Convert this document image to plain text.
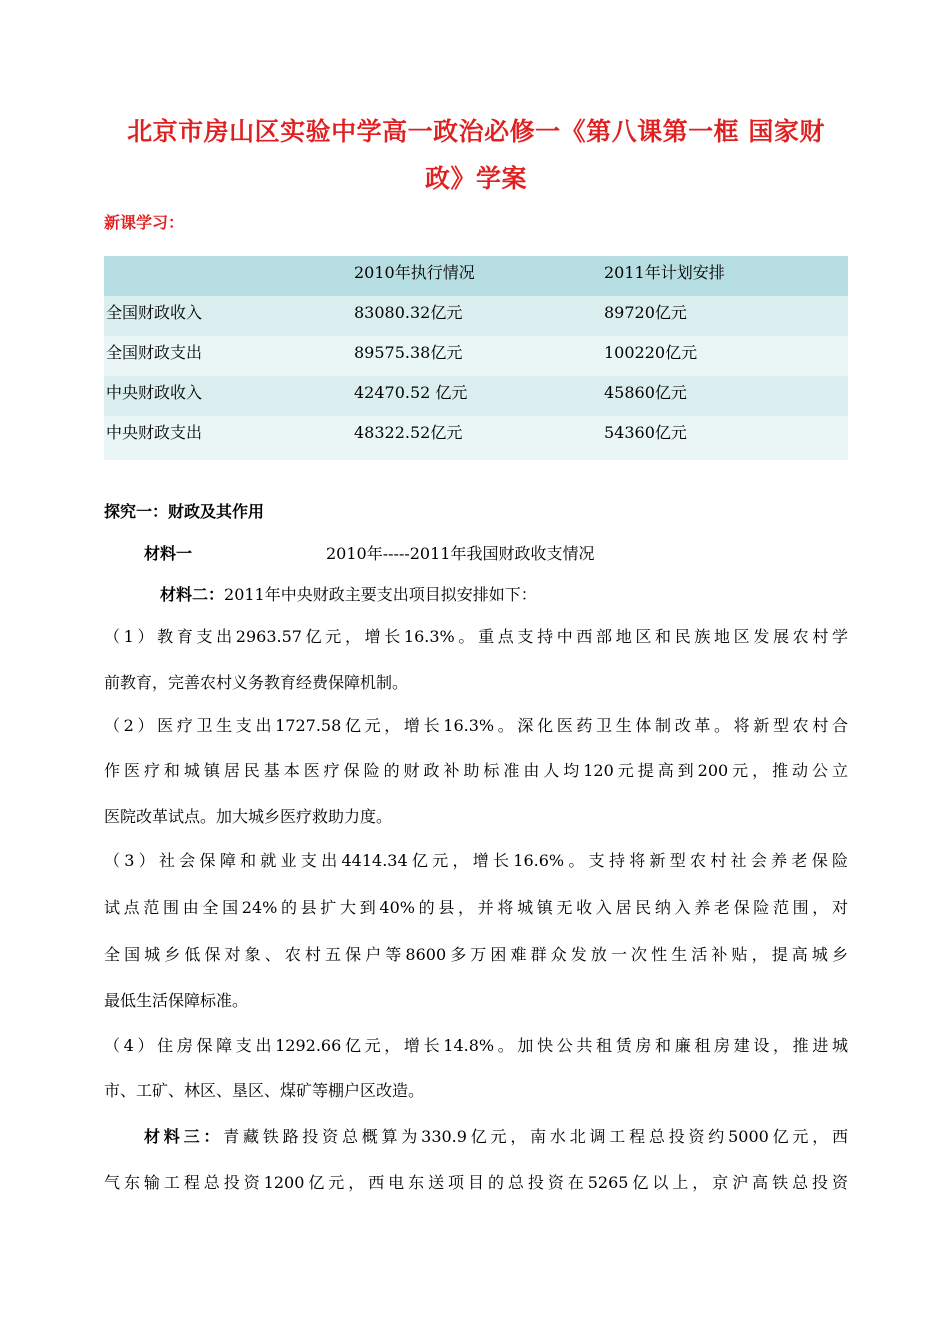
北京市房山区实验中学高一政治必修一《第八课第一框 国家财
政》学案
新课学习：
	2010年执行情况	2011年计划安排
全国财政收入	83080.32亿元	89720亿元
全国财政支出	89575.38亿元	100220亿元
中央财政收入	42470.52 亿元	45860亿元
中央财政支出	48322.52亿元	54360亿元
探究一：财政及其作用
材料一	2010年-----2011年我国财政收支情况
材料二：2011年中央财政主要支出项目拟安排如下：
（1）教育支出2963.57亿元，增长16.3%。重点支持中西部地区和民族地区发展农村学
前教育，完善农村义务教育经费保障机制。
（2）医疗卫生支出1727.58亿元，增长16.3%。深化医药卫生体制改革。将新型农村合
作医疗和城镇居民基本医疗保险的财政补助标准由人均120元提高到200元，推动公立
医院改革试点。加大城乡医疗救助力度。
（3）社会保障和就业支出4414.34亿元，增长16.6%。支持将新型农村社会养老保险
试点范围由全国24%的县扩大到40%的县，并将城镇无收入居民纳入养老保险范围，对
全国城乡低保对象、农村五保户等8600多万困难群众发放一次性生活补贴，提高城乡
最低生活保障标准。
（4）住房保障支出1292.66亿元，增长14.8%。加快公共租赁房和廉租房建设，推进城
市、工矿、林区、垦区、煤矿等棚户区改造。
材料三：青藏铁路投资总概算为330.9亿元，南水北调工程总投资约5000亿元，西
气东输工程总投资1200亿元，西电东送项目的总投资在5265亿以上，京沪高铁总投资
